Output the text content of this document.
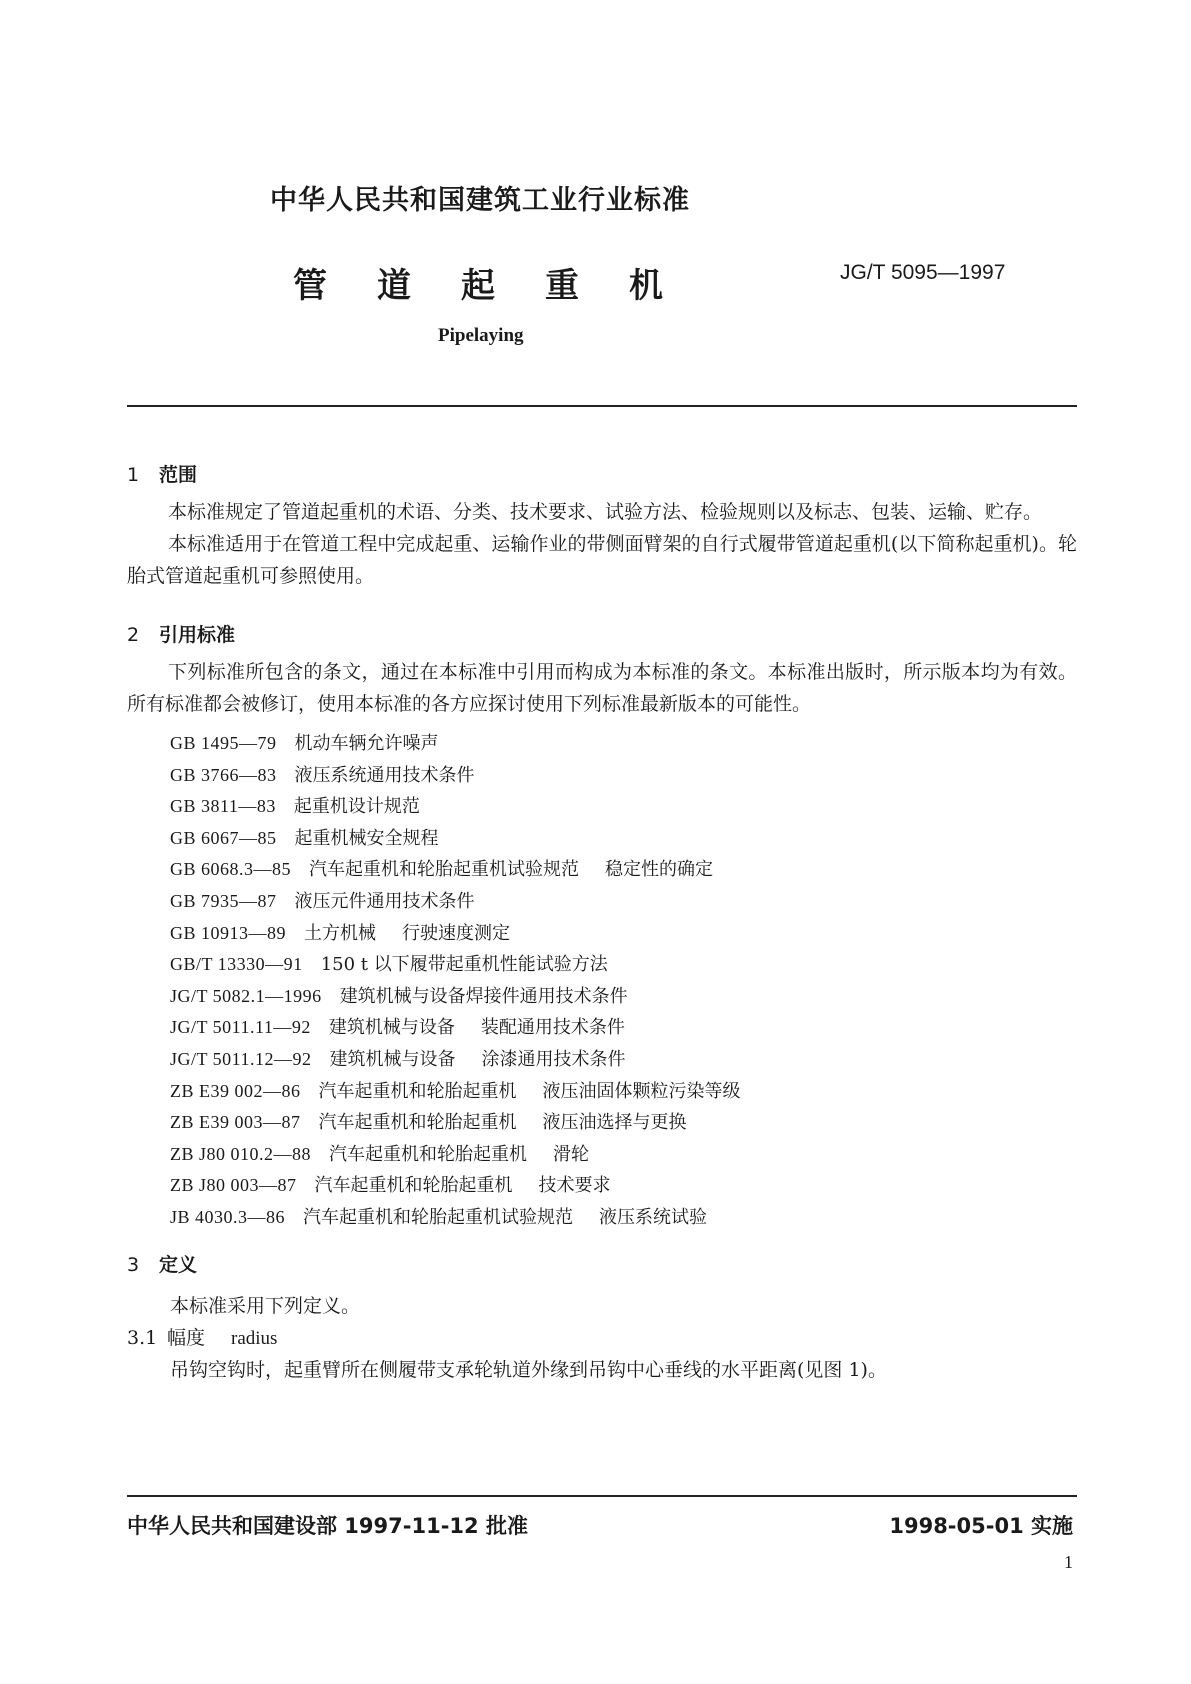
中华人民共和国建筑工业行业标准
管道起重机	JG/T 5095—1997
Pipelaying
1 范围
本标准规定了管道起重机的术语、分类、技术要求、试验方法、检验规则以及标志、包装、运输、贮存。
本标准适用于在管道工程中完成起重、运输作业的带侧面臂架的自行式履带管道起重机(以下简称起重机)。轮胎式管道起重机可参照使用。
2 引用标准
下列标准所包含的条文，通过在本标准中引用而构成为本标准的条文。本标准出版时，所示版本均为有效。所有标准都会被修订，使用本标准的各方应探讨使用下列标准最新版本的可能性。
GB 1495—79 机动车辆允许噪声
GB 3766—83 液压系统通用技术条件
GB 3811—83 起重机设计规范
GB 6067—85 起重机械安全规程
GB 6068.3—85 汽车起重机和轮胎起重机试验规范 稳定性的确定
GB 7935—87 液压元件通用技术条件
GB 10913—89 土方机械 行驶速度测定
GB/T 13330—91 150 t 以下履带起重机性能试验方法
JG/T 5082.1—1996 建筑机械与设备焊接件通用技术条件
JG/T 5011.11—92 建筑机械与设备 装配通用技术条件
JG/T 5011.12—92 建筑机械与设备 涂漆通用技术条件
ZB E39 002—86 汽车起重机和轮胎起重机 液压油固体颗粒污染等级
ZB E39 003—87 汽车起重机和轮胎起重机 液压油选择与更换
ZB J80 010.2—88 汽车起重机和轮胎起重机 滑轮
ZB J80 003—87 汽车起重机和轮胎起重机 技术要求
JB 4030.3—86 汽车起重机和轮胎起重机试验规范 液压系统试验
3 定义
本标准采用下列定义。
3.1 幅度 radius
吊钩空钩时，起重臂所在侧履带支承轮轨道外缘到吊钩中心垂线的水平距离(见图 1)。
中华人民共和国建设部 1997-11-12 批准	1998-05-01 实施
1
